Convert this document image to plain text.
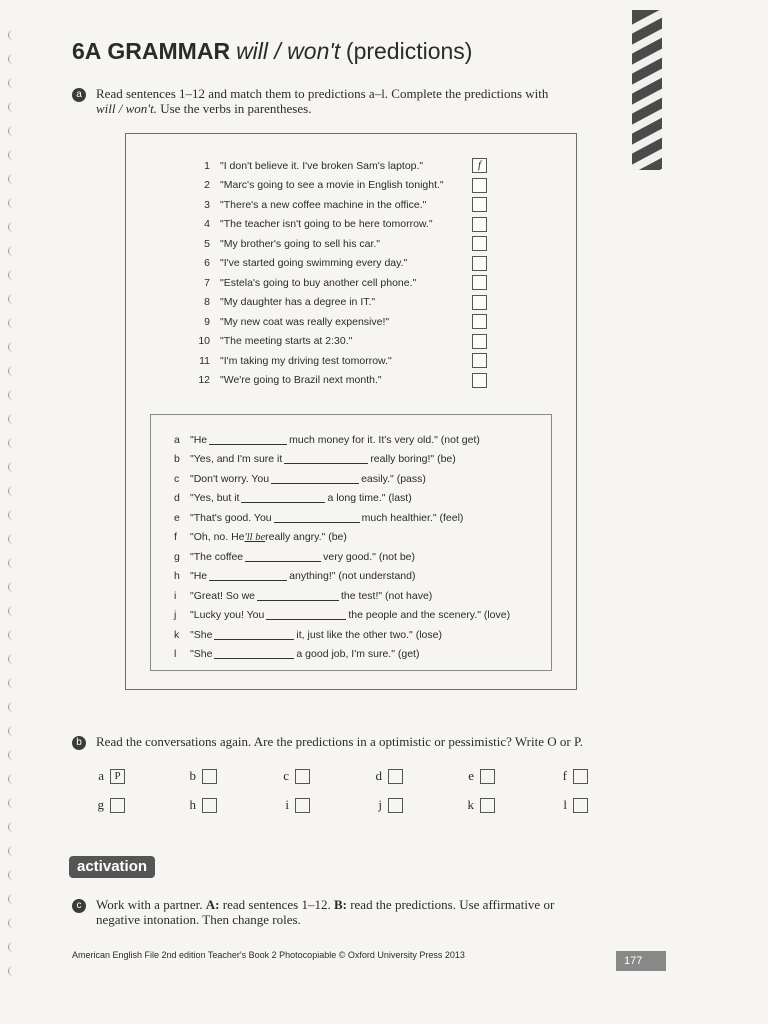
6A GRAMMAR will / won't (predictions)
a	Read sentences 1–12 and match them to predictions a–l. Complete the predictions with
will / won't. Use the verbs in parentheses.
1 "I don't believe it. I've broken Sam's laptop."	f
2 "Marc's going to see a movie in English tonight."
3 "There's a new coffee machine in the office."
4 "The teacher isn't going to be here tomorrow."
5 "My brother's going to sell his car."
6 "I've started going swimming every day."
7 "Estela's going to buy another cell phone."
8 "My daughter has a degree in IT."
9 "My new coat was really expensive!"
10 "The meeting starts at 2:30."
11 "I'm taking my driving test tomorrow."
12 "We're going to Brazil next month."
a "He	much money for it. It's very old." (not get)
b "Yes, and I'm sure it	really boring!" (be)
c	"Don't worry. You	easily." (pass)
d "Yes, but it	a long time." (last)
e "That's good. You	much healthier." (feel)
f	"Oh, no. He 'll be really angry." (be)
g "The coffee	very good." (not be)
h "He	anything!" (not understand)
i	"Great! So we	the test!" (not have)
j	"Lucky you! You	the people and the scenery." (love)
k	"She	it, just like the other two." (lose)
l	"She	a good job, I'm sure." (get)
b	Read the conversations again. Are the predictions in a optimistic or pessimistic? Write O or P.
a P	b	c	d	e	f
g	h	i	j	k	l
activation
c	Work with a partner. A: read sentences 1–12. B: read the predictions. Use affirmative or
negative intonation. Then change roles.
American English File 2nd edition Teacher's Book 2 Photocopiable © Oxford University Press 2013	177
